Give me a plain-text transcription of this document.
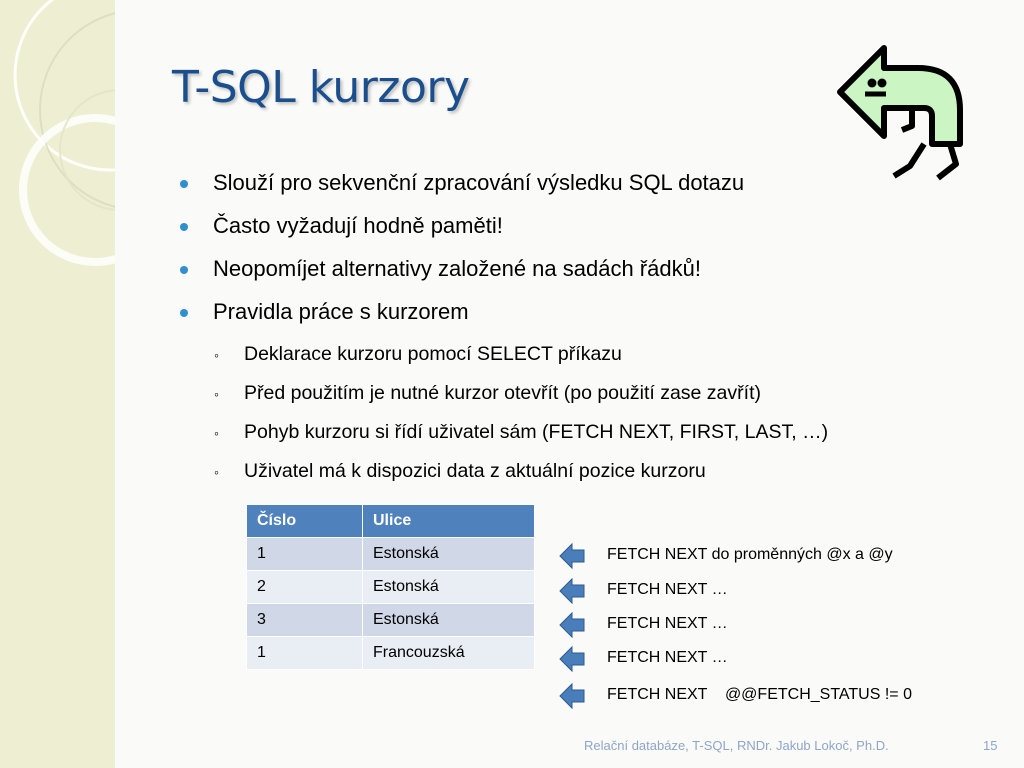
T-SQL kurzory
Slouží pro sekvenční zpracování výsledku SQL dotazu
Často vyžadují hodně paměti!
Neopomíjet alternativy založené na sadách řádků!
Pravidla práce s kurzorem
◦ Deklarace kurzoru pomocí SELECT příkazu
◦ Před použitím je nutné kurzor otevřít (po použití zase zavřít)
◦ Pohyb kurzoru si řídí uživatel sám (FETCH NEXT, FIRST, LAST, …)
◦ Uživatel má k dispozici data z aktuální pozice kurzoru
Číslo	Ulice
1	Estonská
2	Estonská
3	Estonská
1	Francouzská
FETCH NEXT do proměnných @x a @y
FETCH NEXT …
FETCH NEXT …
FETCH NEXT …
FETCH NEXT    @@FETCH_STATUS != 0
Relační databáze, T-SQL, RNDr. Jakub Lokoč, Ph.D.	15
